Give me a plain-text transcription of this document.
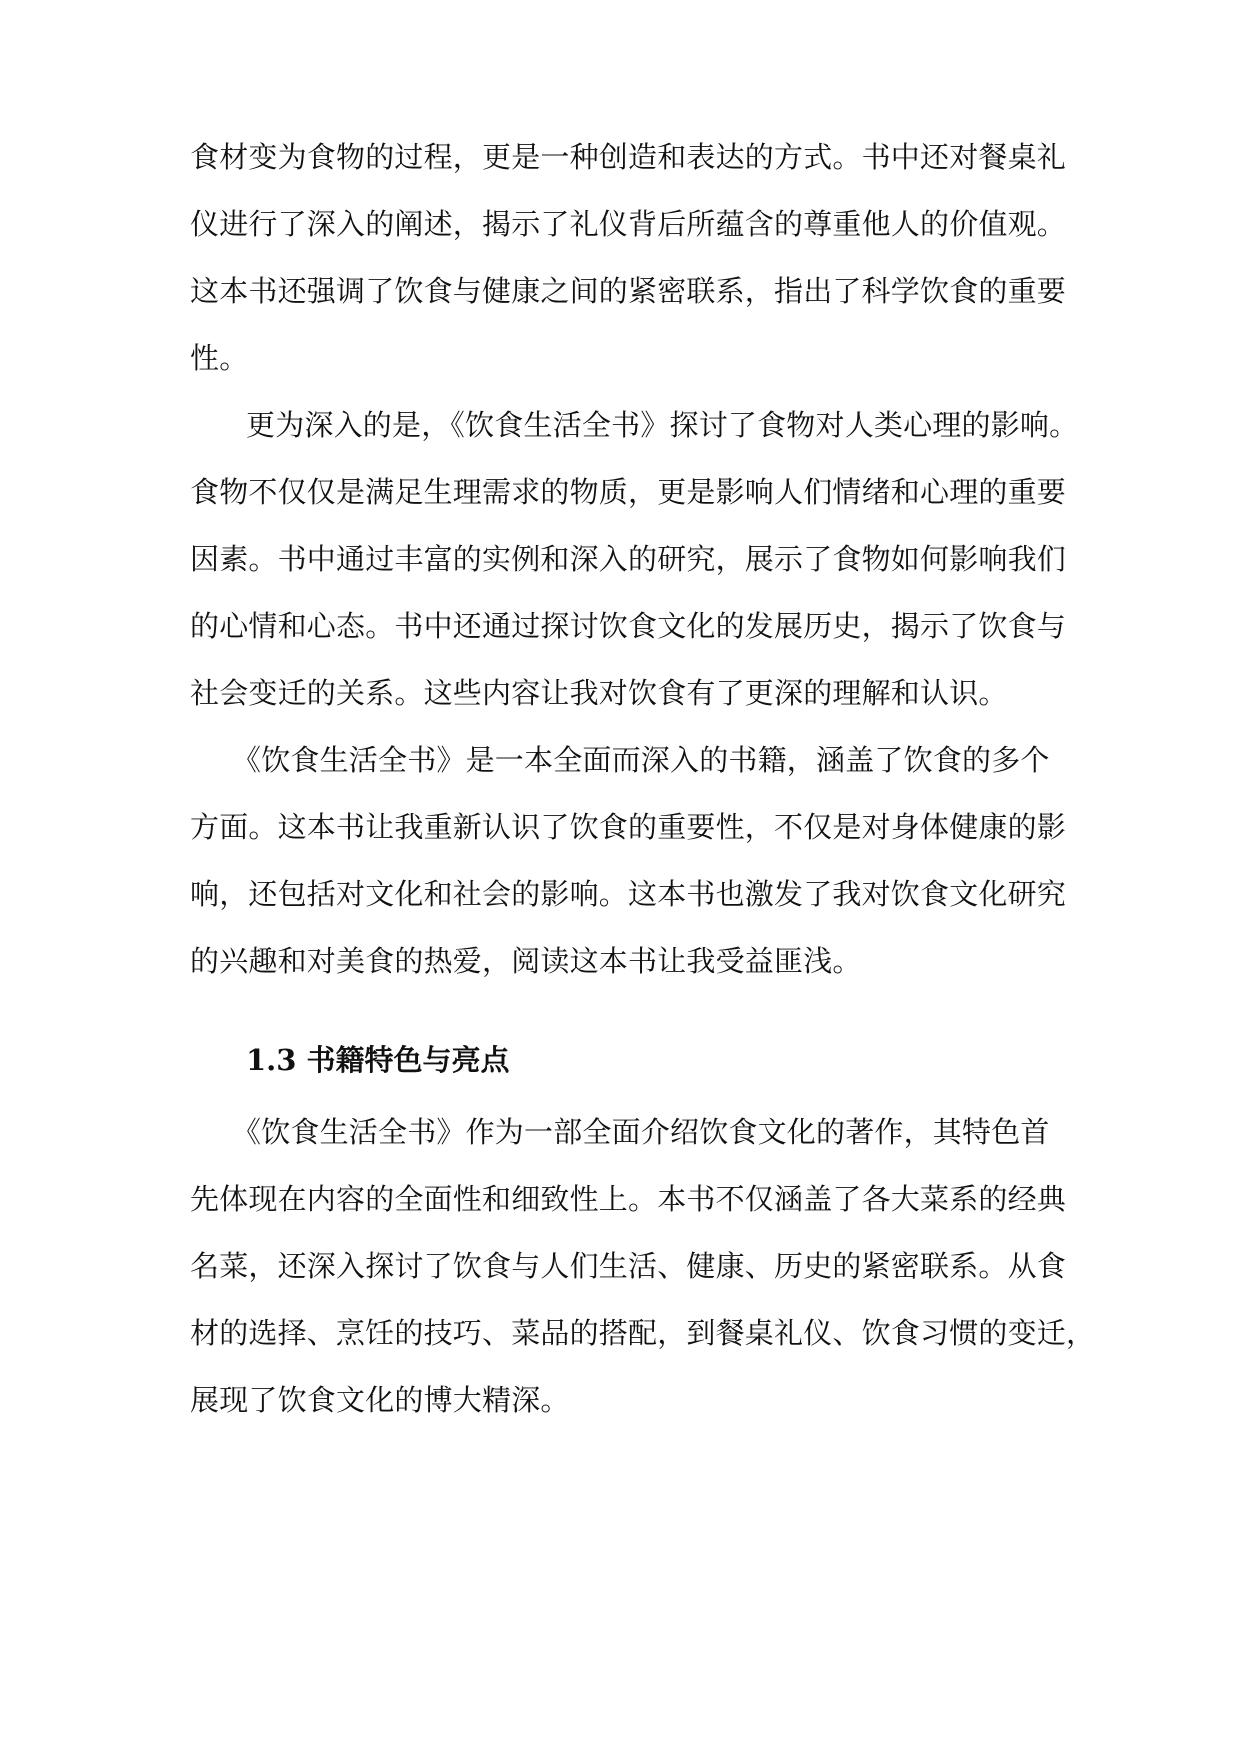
食材变为食物的过程，更是一种创造和表达的方式。书中还对餐桌礼
仪进行了深入的阐述，揭示了礼仪背后所蕴含的尊重他人的价值观。
这本书还强调了饮食与健康之间的紧密联系，指出了科学饮食的重要
性。
更为深入的是，《饮食生活全书》探讨了食物对人类心理的影响。
食物不仅仅是满足生理需求的物质，更是影响人们情绪和心理的重要
因素。书中通过丰富的实例和深入的研究，展示了食物如何影响我们
的心情和心态。书中还通过探讨饮食文化的发展历史，揭示了饮食与
社会变迁的关系。这些内容让我对饮食有了更深的理解和认识。
《饮食生活全书》是一本全面而深入的书籍，涵盖了饮食的多个
方面。这本书让我重新认识了饮食的重要性，不仅是对身体健康的影
响，还包括对文化和社会的影响。这本书也激发了我对饮食文化研究
的兴趣和对美食的热爱，阅读这本书让我受益匪浅。
1.3 书籍特色与亮点
《饮食生活全书》作为一部全面介绍饮食文化的著作，其特色首
先体现在内容的全面性和细致性上。本书不仅涵盖了各大菜系的经典
名菜，还深入探讨了饮食与人们生活、健康、历史的紧密联系。从食
材的选择、烹饪的技巧、菜品的搭配，到餐桌礼仪、饮食习惯的变迁，
展现了饮食文化的博大精深。
